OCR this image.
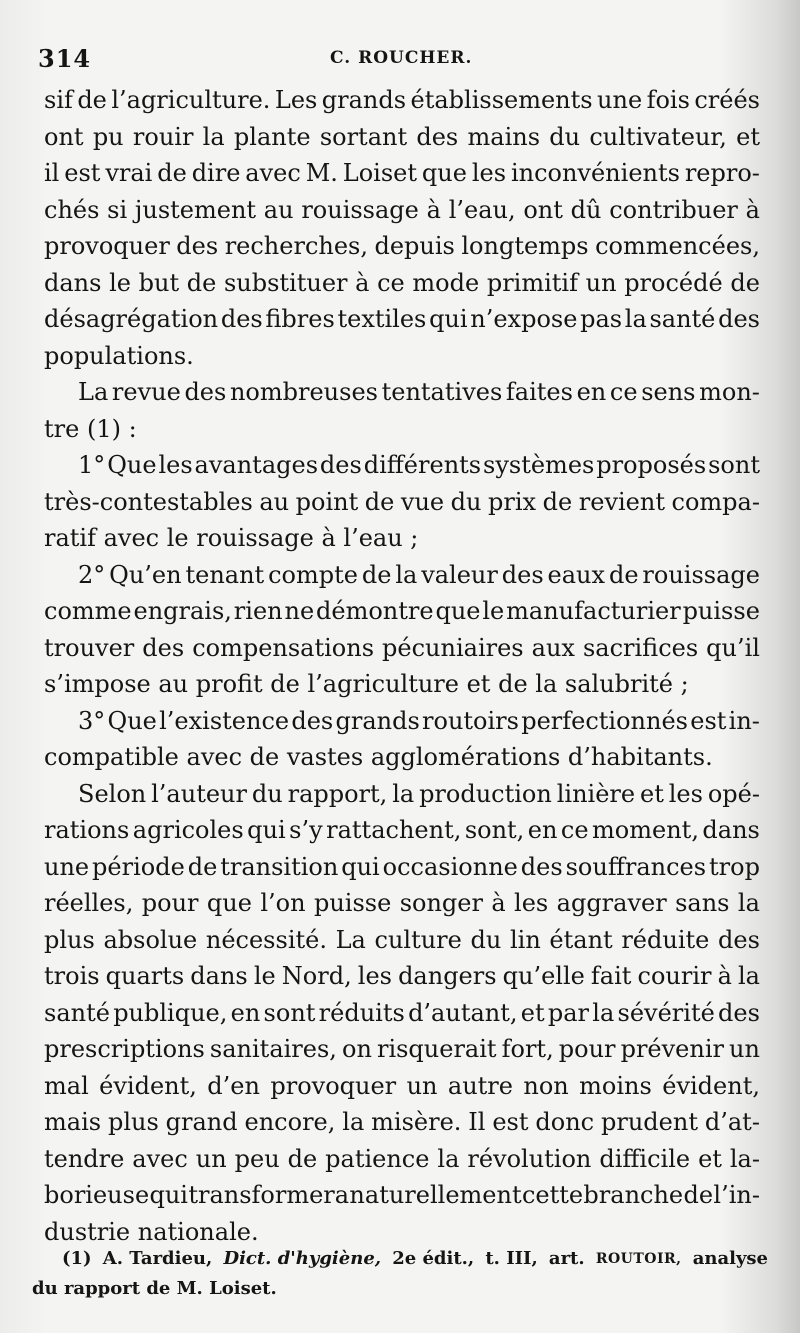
314	C. ROUCHER.
sif de l’agriculture. Les grands établissements une fois créés
ont pu rouir la plante sortant des mains du cultivateur, et
il est vrai de dire avec M. Loiset que les inconvénients repro-
chés si justement au rouissage à l’eau, ont dû contribuer à
provoquer des recherches, depuis longtemps commencées,
dans le but de substituer à ce mode primitif un procédé de
désagrégation des fibres textiles qui n’expose pas la santé des
populations.
La revue des nombreuses tentatives faites en ce sens mon-
tre (1) :
1° Que les avantages des différents systèmes proposés sont
très-contestables au point de vue du prix de revient compa-
ratif avec le rouissage à l’eau ;
2° Qu’en tenant compte de la valeur des eaux de rouissage
comme engrais, rien ne démontre que le manufacturier puisse
trouver des compensations pécuniaires aux sacrifices qu’il
s’impose au profit de l’agriculture et de la salubrité ;
3° Que l’existence des grands routoirs perfectionnés est in-
compatible avec de vastes agglomérations d’habitants.
Selon l’auteur du rapport, la production linière et les opé-
rations agricoles qui s’y rattachent, sont, en ce moment, dans
une période de transition qui occasionne des souffrances trop
réelles, pour que l’on puisse songer à les aggraver sans la
plus absolue nécessité. La culture du lin étant réduite des
trois quarts dans le Nord, les dangers qu’elle fait courir à la
santé publique, en sont réduits d’autant, et par la sévérité des
prescriptions sanitaires, on risquerait fort, pour prévenir un
mal évident, d’en provoquer un autre non moins évident,
mais plus grand encore, la misère. Il est donc prudent d’at-
tendre avec un peu de patience la révolution difficile et la-
borieuse qui transformera naturellement cette branche de l’in-
dustrie nationale.
(1) A. Tardieu, Dict. d'hygiène, 2e édit., t. III, art. ROUTOIR, analyse
du rapport de M. Loiset.
